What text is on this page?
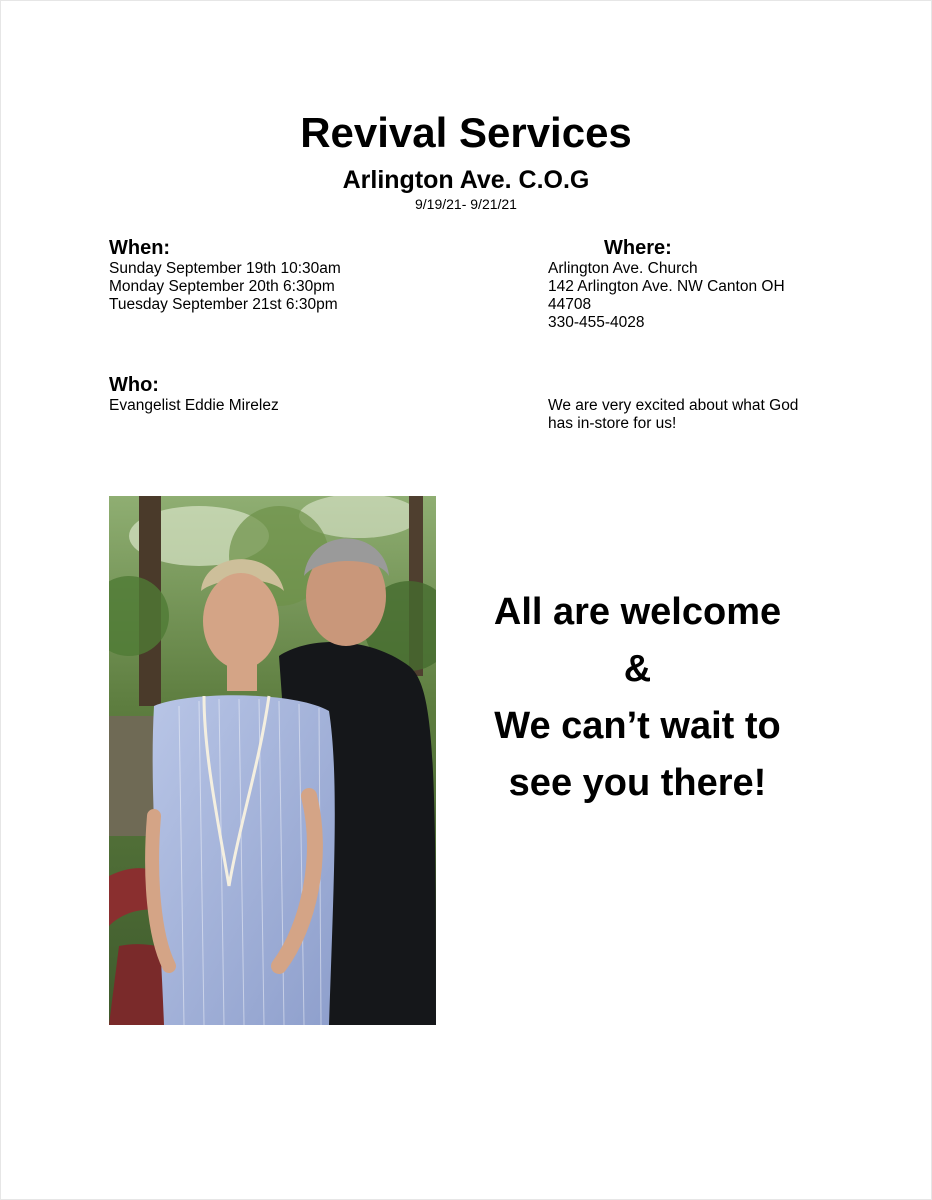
Revival Services
Arlington Ave. C.O.G
9/19/21- 9/21/21
When:
Sunday September 19th 10:30am
Monday September 20th 6:30pm
Tuesday September 21st 6:30pm
Where:
Arlington Ave. Church
142 Arlington Ave. NW Canton OH
44708
330-455-4028
Who:
Evangelist Eddie Mirelez	We are very excited about what God
has in-store for us!
All are welcome
&
We can’t wait to
see you there!
